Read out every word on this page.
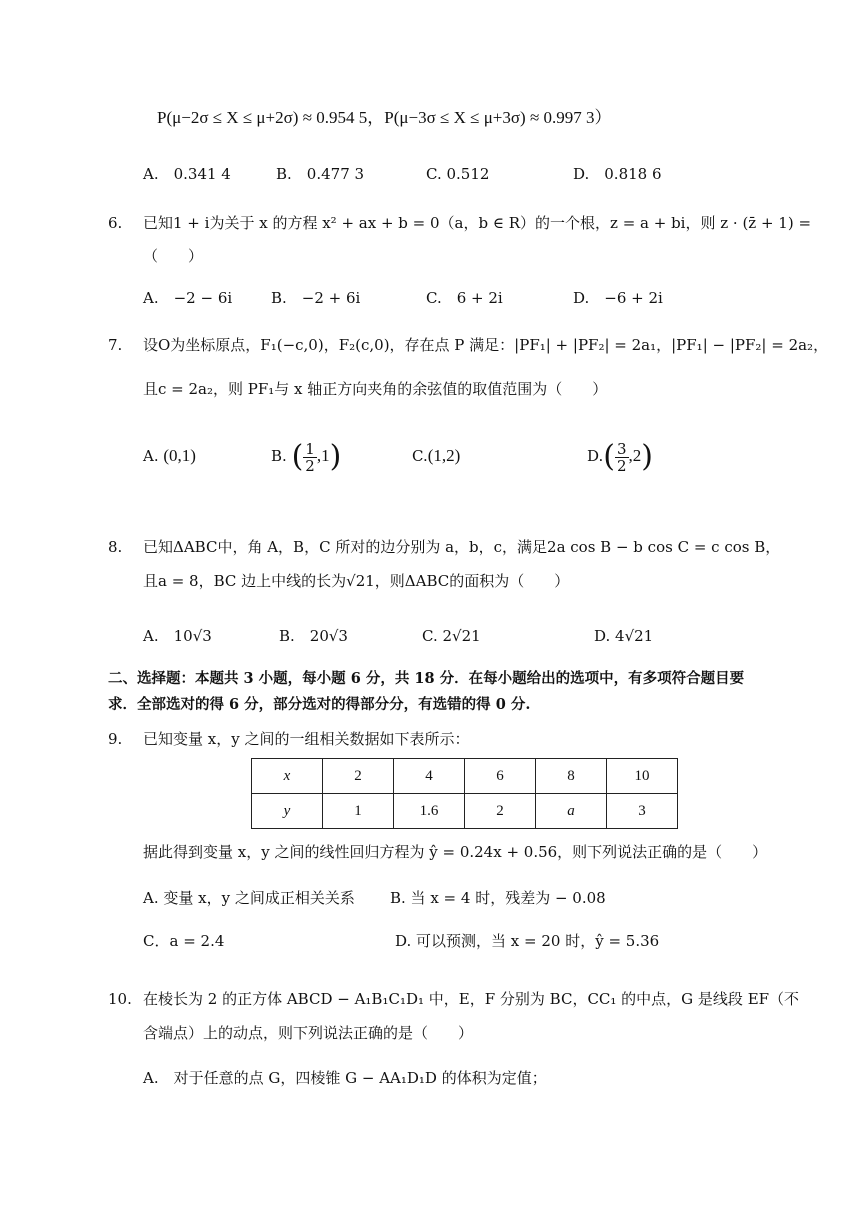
P(μ−2σ ≤ X ≤ μ+2σ) ≈ 0.954 5，P(μ−3σ ≤ X ≤ μ+3σ) ≈ 0.997 3）
A.　0.341 4	B.　0.477 3	C. 0.512	D.　0.818 6
6. 已知1 + i为关于 x 的方程 x² + ax + b = 0（a，b ∈ R）的一个根，z = a + bi，则 z · (z̄ + 1) =
（　　）
A.　−2 − 6i	B.　−2 + 6i	C.　6 + 2i	D.　−6 + 2i
7. 设O为坐标原点，F₁(−c,0)，F₂(c,0)，存在点 P 满足：|PF₁| + |PF₂| = 2a₁，|PF₁| − |PF₂| = 2a₂，
且c = 2a₂，则 PF₁与 x 轴正方向夹角的余弦值的取值范围为（　　）
A. (0,1)	B. ( $\frac{1}{2} ,1$)	C.(1,2)	$D.( \frac{3}{2} ,2)$
8. 已知ΔABC中，角 A，B，C 所对的边分别为 a，b，c，满足2a cos B − b cos C = c cos B，
且a = 8，BC 边上中线的长为√21，则ΔABC的面积为（　　）
A.　10√3	B.　20√3	C. 2√21	D. 4√21
二、选择题：本题共 3 小题，每小题 6 分，共 18 分．在每小题给出的选项中，有多项符合题目要
求．全部选对的得 6 分，部分选对的得部分分，有选错的得 0 分.
9. 已知变量 x，y 之间的一组相关数据如下表所示：
x	2	4	6	8	10
y	1	1.6	2	a	3
据此得到变量 x，y 之间的线性回归方程为 ŷ = 0.24x + 0.56，则下列说法正确的是（　　）
A. 变量 x，y 之间成正相关关系 B. 当 x = 4 时，残差为 − 0.08
C．a = 2.4	D. 可以预测，当 x = 20 时，ŷ = 5.36
10. 在棱长为 2 的正方体 ABCD − A₁B₁C₁D₁ 中，E，F 分别为 BC，CC₁ 的中点，G 是线段 EF（不
含端点）上的动点，则下列说法正确的是（　　）
A.　对于任意的点 G，四棱锥 G − AA₁D₁D 的体积为定值；
